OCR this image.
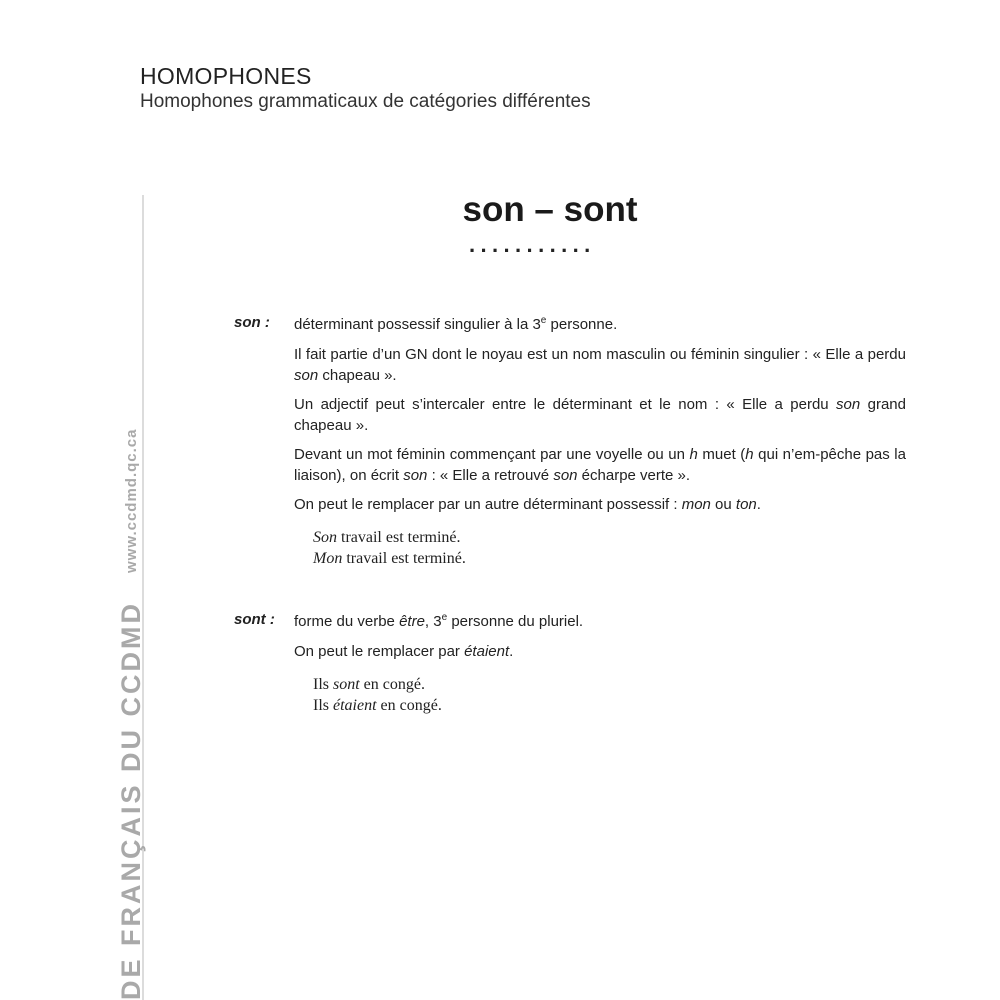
HOMOPHONES
Homophones grammaticaux de catégories différentes
DE FRANÇAIS DU CCDMD
www.ccdmd.qc.ca
son – sont
...........
son : déterminant possessif singulier à la 3e personne.

Il fait partie d’un GN dont le noyau est un nom masculin ou féminin singulier : « Elle a perdu son chapeau ».

Un adjectif peut s’intercaler entre le déterminant et le nom : « Elle a perdu son grand chapeau ».

Devant un mot féminin commençant par une voyelle ou un h muet (h qui n’em-pêche pas la liaison), on écrit son : « Elle a retrouvé son écharpe verte ».

On peut le remplacer par un autre déterminant possessif : mon ou ton.

Son travail est terminé.
Mon travail est terminé.
sont : forme du verbe être, 3e personne du pluriel.

On peut le remplacer par étaient.

Ils sont en congé.
Ils étaient en congé.
